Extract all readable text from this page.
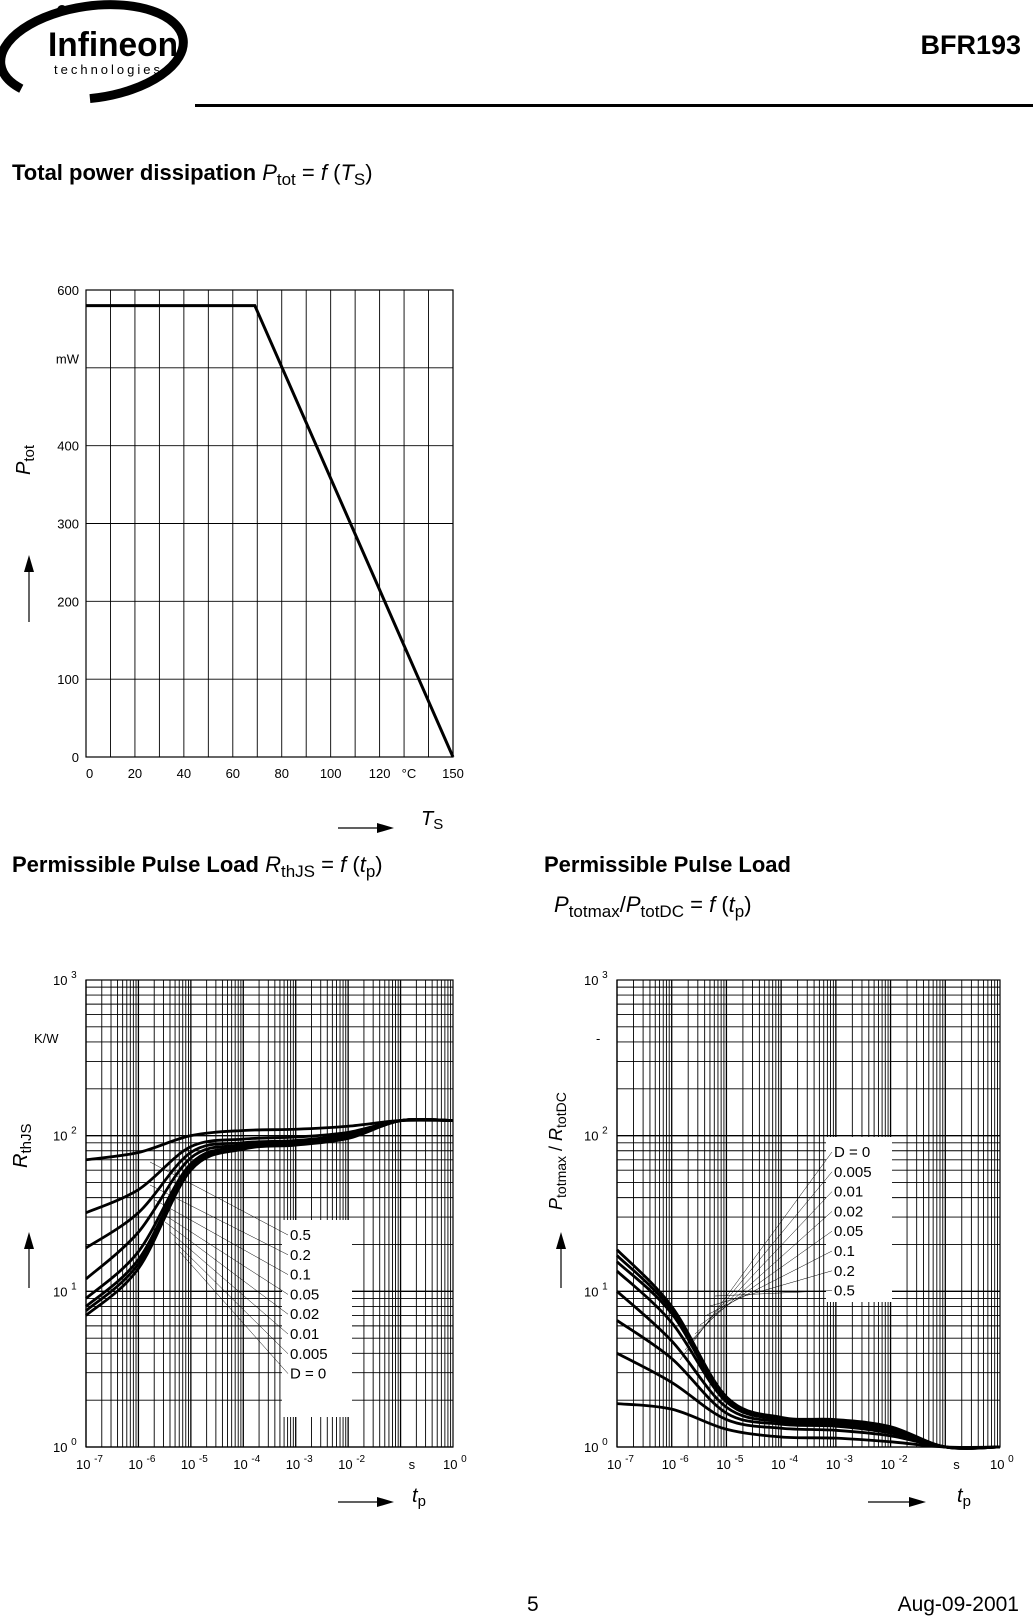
Infineon
technologies
BFR193
Total power dissipation $P_{tot} = f$ $(T_S)$
Permissible Pulse Load $R_{thJS} = f$ $(t_p)$	Permissible Pulse Load
$P_{totmax}/P_{totDC} = f$ $(t_p)$
0	20	40	60	80 100 120 °C 150
0
100
200
300
400
mW
600
$P_{tot}$
$T_S$
0.5
0.2
0.1
0.05
0.02
0.01
0.005
D = 0
10 $^{-7}$ 10 $^{-6}$ 10 $^{-5}$ 10 $^{-4}$ 10 $^{-3}$ 10 $^{-2}$	s 10 $^0$
10 $^0$
10 $^1$
10 $^2$
10 $^3$
K/W
$R_{thJS}$
$t_p$
D = 0
0.005
0.01
0.02
0.05
0.1
0.2
0.5
10 $^{-7}$ 10 $^{-6}$ 10 $^{-5}$ 10 $^{-4}$ 10 $^{-3}$ 10 $^{-2}$	s 10 $^0$
10 $^0$
10 $^1$
10 $^2$
10 $^3$
-
$P_{totmax} / R_{totDC}$
$t_p$
5	Aug-09-2001
